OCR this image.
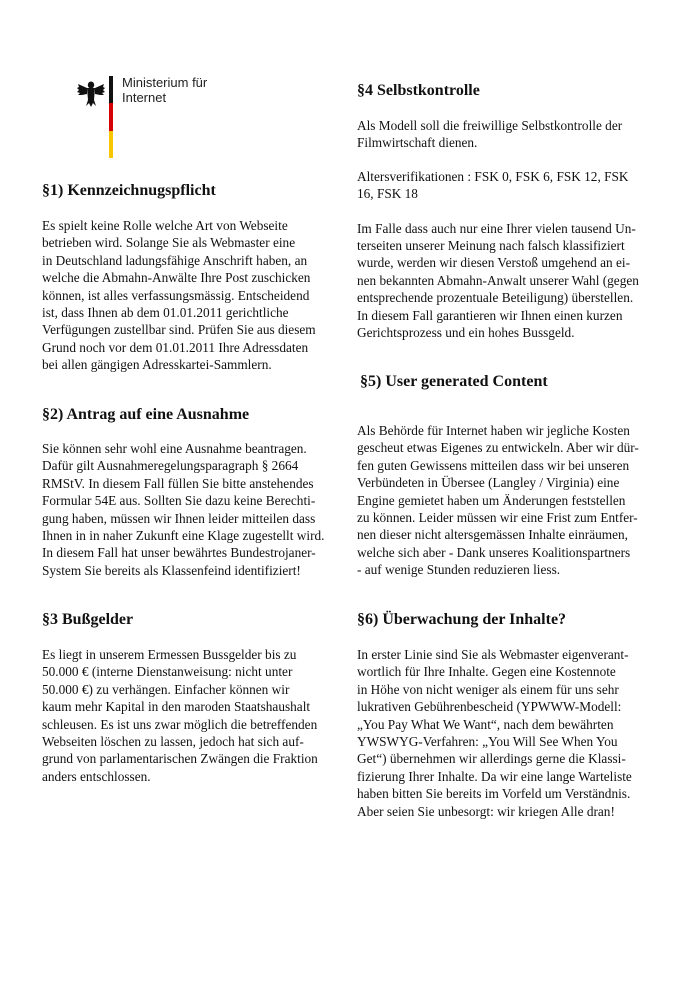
Ministerium für
Internet
§1) Kennzeichnugspflicht

Es spielt keine Rolle welche Art von Webseite

betrieben wird. Solange Sie als Webmaster eine

in Deutschland ladungsfähige Anschrift haben, an

welche die Abmahn-Anwälte Ihre Post zuschicken

können, ist alles verfassungsmässig. Entscheidend

ist, dass Ihnen ab dem 01.01.2011 gerichtliche

Verfügungen zustellbar sind. Prüfen Sie aus diesem

Grund noch vor dem 01.01.2011 Ihre Adressdaten

bei allen gängigen Adresskartei-Sammlern.

§2) Antrag auf eine Ausnahme

Sie können sehr wohl eine Ausnahme beantragen.

Dafür gilt Ausnahmeregelungsparagraph § 2664

RMStV. In diesem Fall füllen Sie bitte anstehendes

Formular 54E aus. Sollten Sie dazu keine Berechti-

gung haben, müssen wir Ihnen leider mitteilen dass

Ihnen in in naher Zukunft eine Klage zugestellt wird.

In diesem Fall hat unser bewährtes Bundestrojaner-

System Sie bereits als Klassenfeind identifiziert!

§3 Bußgelder

Es liegt in unserem Ermessen Bussgelder bis zu

50.000 € (interne Dienstanweisung: nicht unter

50.000 €) zu verhängen. Einfacher können wir

kaum mehr Kapital in den maroden Staatshaushalt

schleusen. Es ist uns zwar möglich die betreffenden

Webseiten löschen zu lassen, jedoch hat sich auf-

grund von parlamentarischen Zwängen die Fraktion

anders entschlossen.

§4 Selbstkontrolle

Als Modell soll die freiwillige Selbstkontrolle der

Filmwirtschaft dienen.

Altersverifikationen : FSK 0, FSK 6, FSK 12, FSK

16, FSK 18

Im Falle dass auch nur eine Ihrer vielen tausend Un-

terseiten unserer Meinung nach falsch klassifiziert

wurde, werden wir diesen Verstoß umgehend an ei-

nen bekannten Abmahn-Anwalt unserer Wahl (gegen

entsprechende prozentuale Beteiligung) überstellen.

In diesem Fall garantieren wir Ihnen einen kurzen

Gerichtsprozess und ein hohes Bussgeld.

§5) User generated Content

Als Behörde für Internet haben wir jegliche Kosten

gescheut etwas Eigenes zu entwickeln. Aber wir dür-

fen guten Gewissens mitteilen dass wir bei unseren

Verbündeten in Übersee (Langley / Virginia) eine

Engine gemietet haben um Änderungen feststellen

zu können. Leider müssen wir eine Frist zum Entfer-

nen dieser nicht altersgemässen Inhalte einräumen,

welche sich aber - Dank unseres Koalitionspartners

- auf wenige Stunden reduzieren liess.

§6) Überwachung der Inhalte?

In erster Linie sind Sie als Webmaster eigenverant-

wortlich für Ihre Inhalte. Gegen eine Kostennote

in Höhe von nicht weniger als einem für uns sehr

lukrativen Gebührenbescheid (YPWWW-Modell:

„You Pay What We Want“, nach dem bewährten

YWSWYG-Verfahren: „You Will See When You

Get“) übernehmen wir allerdings gerne die Klassi-

fizierung Ihrer Inhalte. Da wir eine lange Warteliste

haben bitten Sie bereits im Vorfeld um Verständnis.

Aber seien Sie unbesorgt: wir kriegen Alle dran!
